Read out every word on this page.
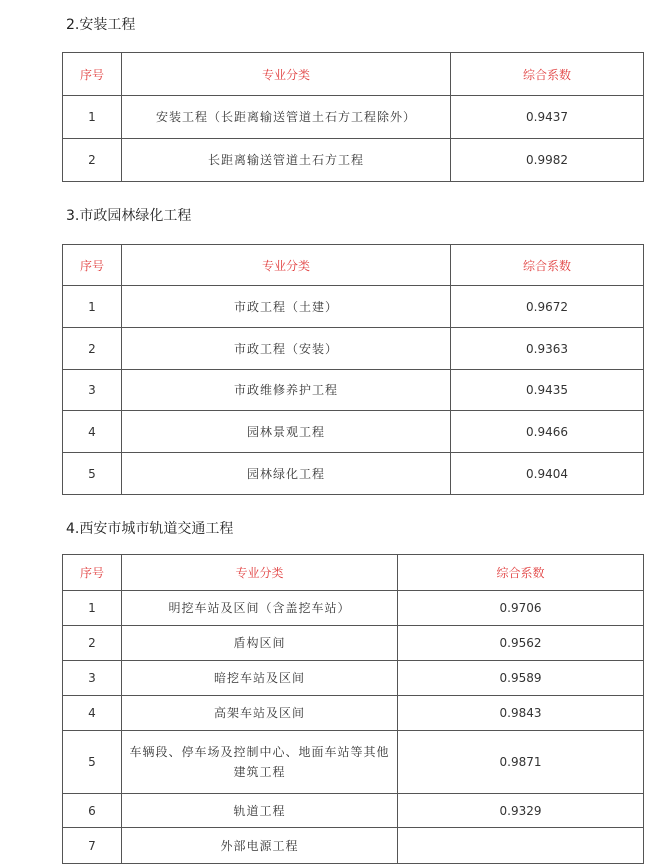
2.安装工程
序号	专业分类	综合系数
1	安装工程（长距离输送管道土石方工程除外）	0.9437
2	长距离输送管道土石方工程	0.9982
3.市政园林绿化工程
序号	专业分类	综合系数
1	市政工程（土建）	0.9672
2	市政工程（安装）	0.9363
3	市政维修养护工程	0.9435
4	园林景观工程	0.9466
5	园林绿化工程	0.9404
4.西安市城市轨道交通工程
序号	专业分类	综合系数
1	明挖车站及区间（含盖挖车站）	0.9706
2	盾构区间	0.9562
3	暗挖车站及区间	0.9589
4	高架车站及区间	0.9843
5	车辆段、停车场及控制中心、地面车站等其他建筑工程	0.9871
6	轨道工程	0.9329
7	外部电源工程	
